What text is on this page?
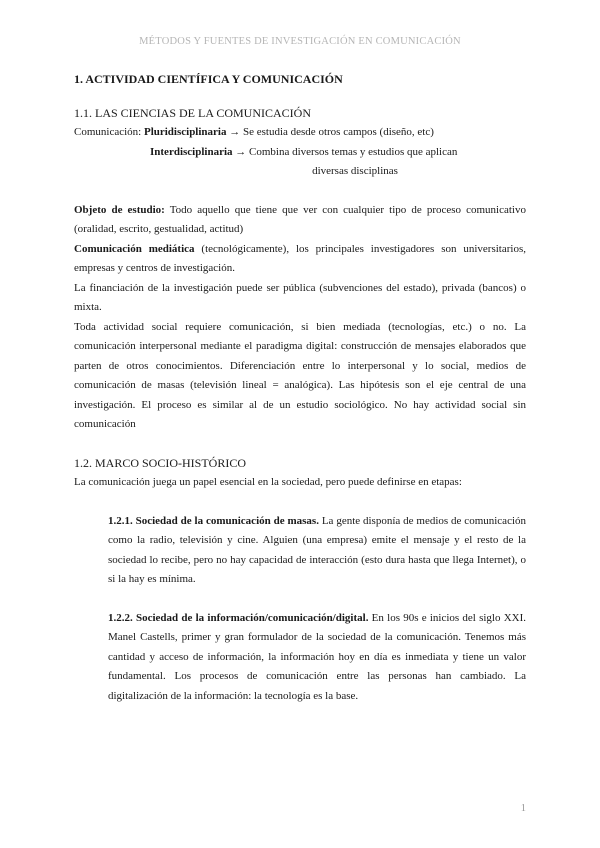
MÉTODOS Y FUENTES DE INVESTIGACIÓN EN COMUNICACIÓN

1. ACTIVIDAD CIENTÍFICA Y COMUNICACIÓN

1.1. LAS CIENCIAS DE LA COMUNICACIÓN

Comunicación: Pluridisciplinaria → Se estudia desde otros campos (diseño, etc)

Interdisciplinaria → Combina diversos temas y estudios que aplican

diversas disciplinas

Objeto de estudio: Todo aquello que tiene que ver con cualquier tipo de proceso comunicativo (oralidad, escrito, gestualidad, actitud)

Comunicación mediática (tecnológicamente), los principales investigadores son universitarios, empresas y centros de investigación.

La financiación de la investigación puede ser pública (subvenciones del estado), privada (bancos) o mixta.

Toda actividad social requiere comunicación, si bien mediada (tecnologías, etc.) o no. La comunicación interpersonal mediante el paradigma digital: construcción de mensajes elaborados que parten de otros conocimientos. Diferenciación entre lo interpersonal y lo social, medios de comunicación de masas (televisión lineal = analógica). Las hipótesis son el eje central de una investigación. El proceso es similar al de un estudio sociológico. No hay actividad social sin comunicación

1.2. MARCO SOCIO-HISTÓRICO

La comunicación juega un papel esencial en la sociedad, pero puede definirse en etapas:

1.2.1. Sociedad de la comunicación de masas. La gente disponía de medios de comunicación como la radio, televisión y cine. Alguien (una empresa) emite el mensaje y el resto de la sociedad lo recibe, pero no hay capacidad de interacción (esto dura hasta que llega Internet), o si la hay es mínima.

1.2.2. Sociedad de la información/comunicación/digital. En los 90s e inicios del siglo XXI. Manel Castells, primer y gran formulador de la sociedad de la comunicación. Tenemos más cantidad y acceso de información, la información hoy en día es inmediata y tiene un valor fundamental. Los procesos de comunicación entre las personas han cambiado. La digitalización de la información: la tecnología es la base.

1
